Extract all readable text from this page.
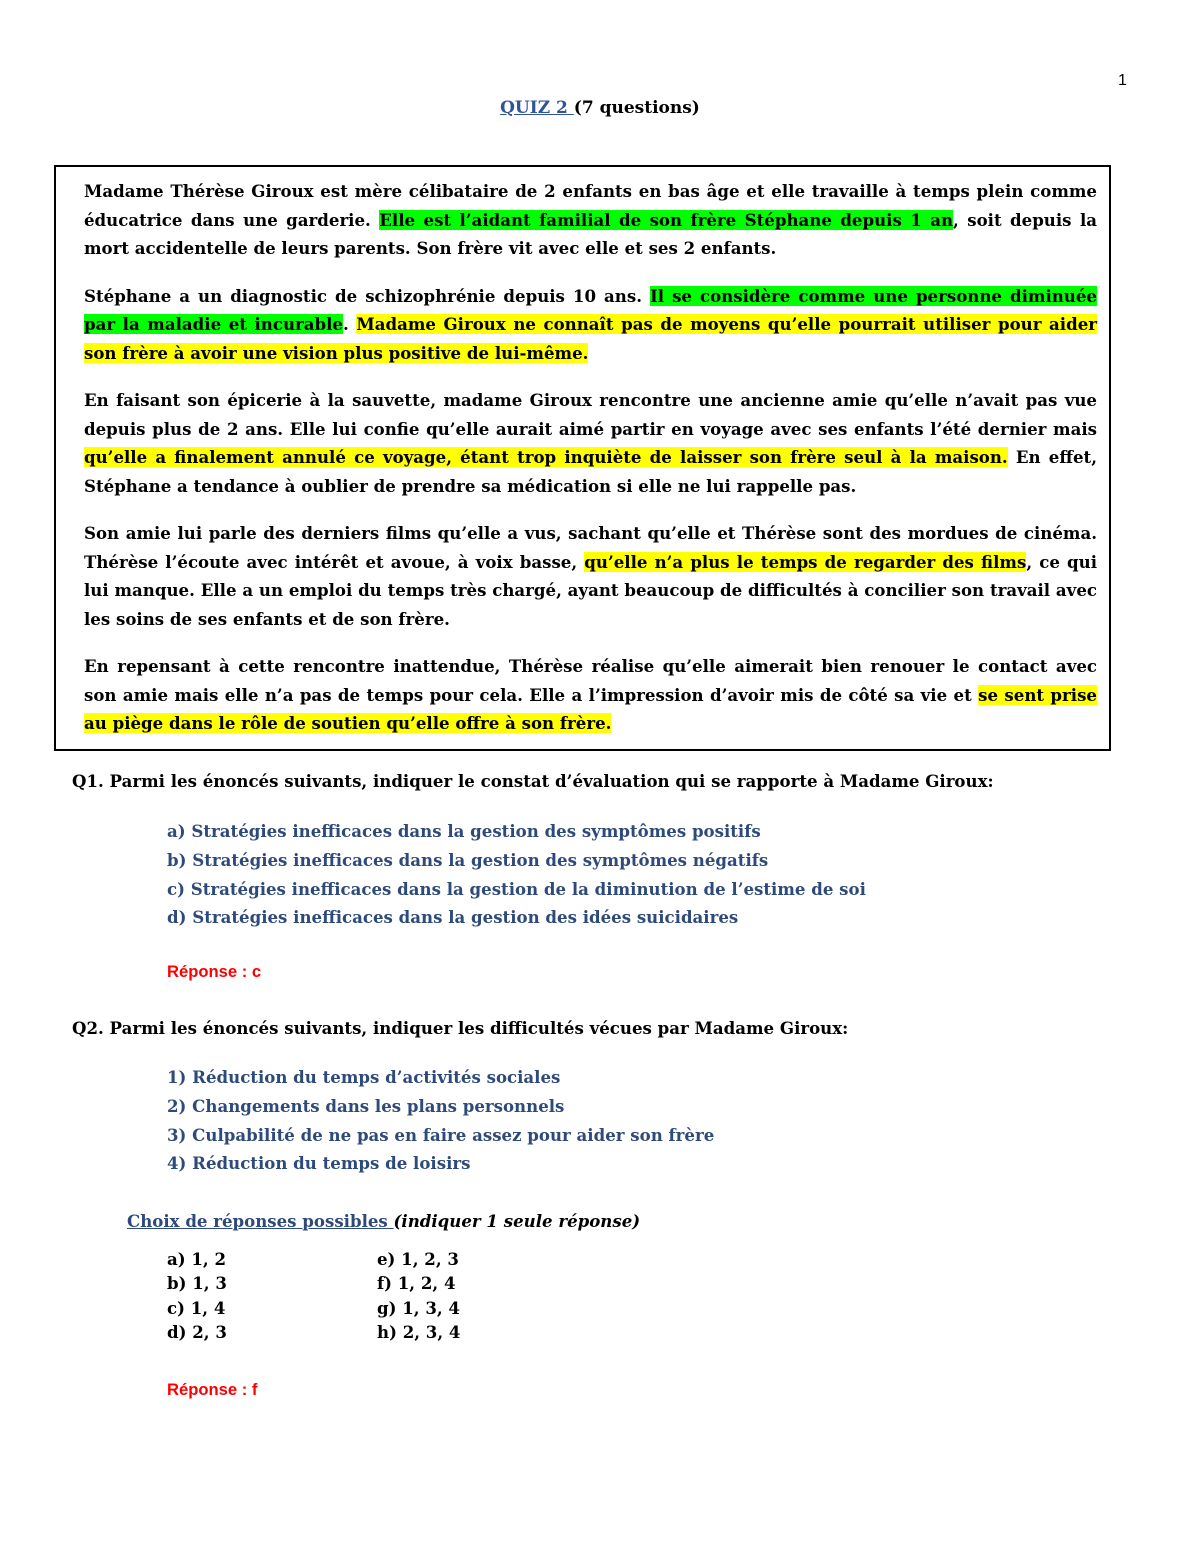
1
QUIZ 2 (7 questions)

Madame Thérèse Giroux est mère célibataire de 2 enfants en bas âge et elle travaille à temps plein comme éducatrice dans une garderie. Elle est l’aidant familial de son frère Stéphane depuis 1 an, soit depuis la mort accidentelle de leurs parents. Son frère vit avec elle et ses 2 enfants.

Stéphane a un diagnostic de schizophrénie depuis 10 ans. Il se considère comme une personne diminuée par la maladie et incurable. Madame Giroux ne connaît pas de moyens qu’elle pourrait utiliser pour aider son frère à avoir une vision plus positive de lui-même.

En faisant son épicerie à la sauvette, madame Giroux rencontre une ancienne amie qu’elle n’avait pas vue depuis plus de 2 ans. Elle lui confie qu’elle aurait aimé partir en voyage avec ses enfants l’été dernier mais qu’elle a finalement annulé ce voyage, étant trop inquiète de laisser son frère seul à la maison. En effet, Stéphane a tendance à oublier de prendre sa médication si elle ne lui rappelle pas.

Son amie lui parle des derniers films qu’elle a vus, sachant qu’elle et Thérèse sont des mordues de cinéma. Thérèse l’écoute avec intérêt et avoue, à voix basse, qu’elle n’a plus le temps de regarder des films, ce qui lui manque. Elle a un emploi du temps très chargé, ayant beaucoup de difficultés à concilier son travail avec les soins de ses enfants et de son frère.

En repensant à cette rencontre inattendue, Thérèse réalise qu’elle aimerait bien renouer le contact avec son amie mais elle n’a pas de temps pour cela. Elle a l’impression d’avoir mis de côté sa vie et se sent prise au piège dans le rôle de soutien qu’elle offre à son frère.

Q1. Parmi les énoncés suivants, indiquer le constat d’évaluation qui se rapporte à Madame Giroux:
a) Stratégies inefficaces dans la gestion des symptômes positifs
b) Stratégies inefficaces dans la gestion des symptômes négatifs
c) Stratégies inefficaces dans la gestion de la diminution de l’estime de soi
d) Stratégies inefficaces dans la gestion des idées suicidaires
Réponse : c
Q2. Parmi les énoncés suivants, indiquer les difficultés vécues par Madame Giroux:
1) Réduction du temps d’activités sociales
2) Changements dans les plans personnels
3) Culpabilité de ne pas en faire assez pour aider son frère
4) Réduction du temps de loisirs
Choix de réponses possibles (indiquer 1 seule réponse)
a) 1, 2	e) 1, 2, 3
b) 1, 3	f) 1, 2, 4
c) 1, 4	g) 1, 3, 4
d) 2, 3	h) 2, 3, 4
Réponse : f
